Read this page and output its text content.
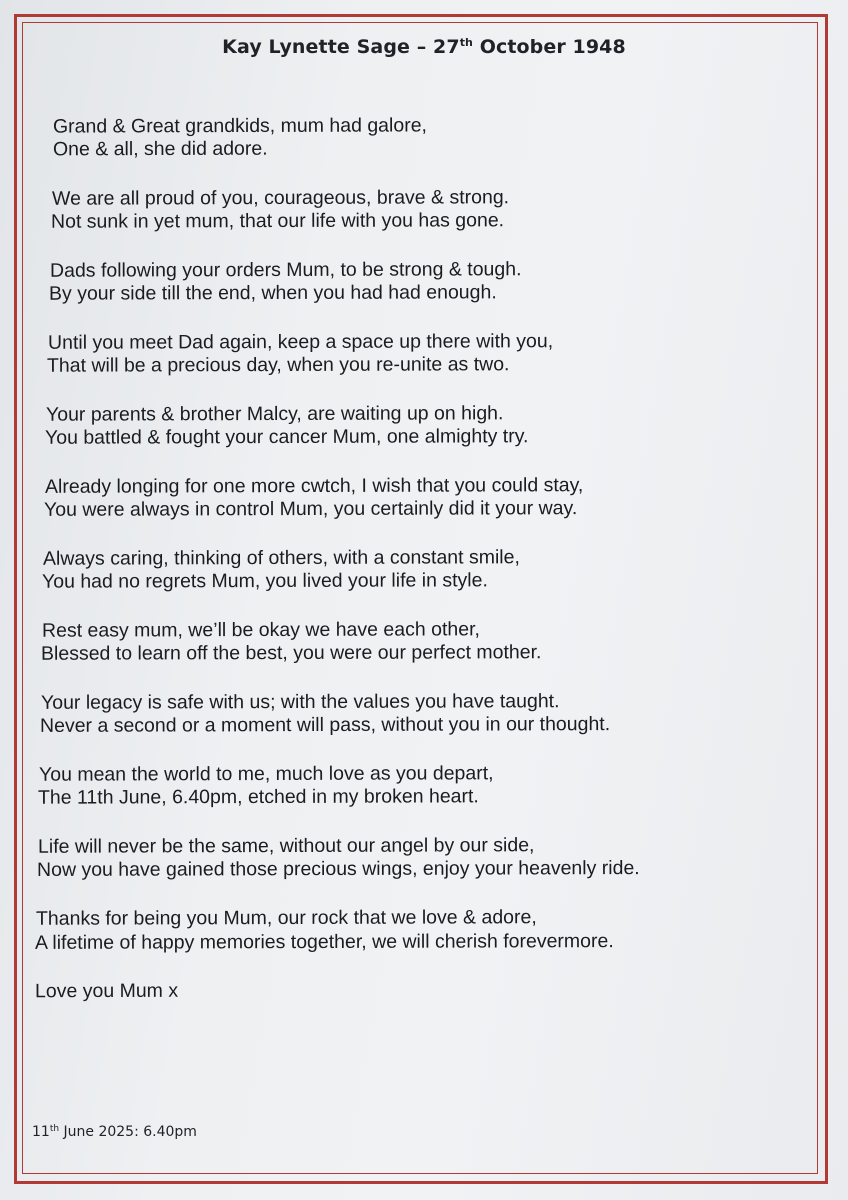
Kay Lynette Sage – 27th October 1948
Grand & Great grandkids, mum had galore,
One & all, she did adore.
We are all proud of you, courageous, brave & strong.
Not sunk in yet mum, that our life with you has gone.
Dads following your orders Mum, to be strong & tough.
By your side till the end, when you had had enough.
Until you meet Dad again, keep a space up there with you,
That will be a precious day, when you re-unite as two.
Your parents & brother Malcy, are waiting up on high.
You battled & fought your cancer Mum, one almighty try.
Already longing for one more cwtch, I wish that you could stay,
You were always in control Mum, you certainly did it your way.
Always caring, thinking of others, with a constant smile,
You had no regrets Mum, you lived your life in style.
Rest easy mum, we’ll be okay we have each other,
Blessed to learn off the best, you were our perfect mother.
Your legacy is safe with us; with the values you have taught.
Never a second or a moment will pass, without you in our thought.
You mean the world to me, much love as you depart,
The 11th June, 6.40pm, etched in my broken heart.
Life will never be the same, without our angel by our side,
Now you have gained those precious wings, enjoy your heavenly ride.
Thanks for being you Mum, our rock that we love & adore,
A lifetime of happy memories together, we will cherish forevermore.
Love you Mum x
11th June 2025: 6.40pm
